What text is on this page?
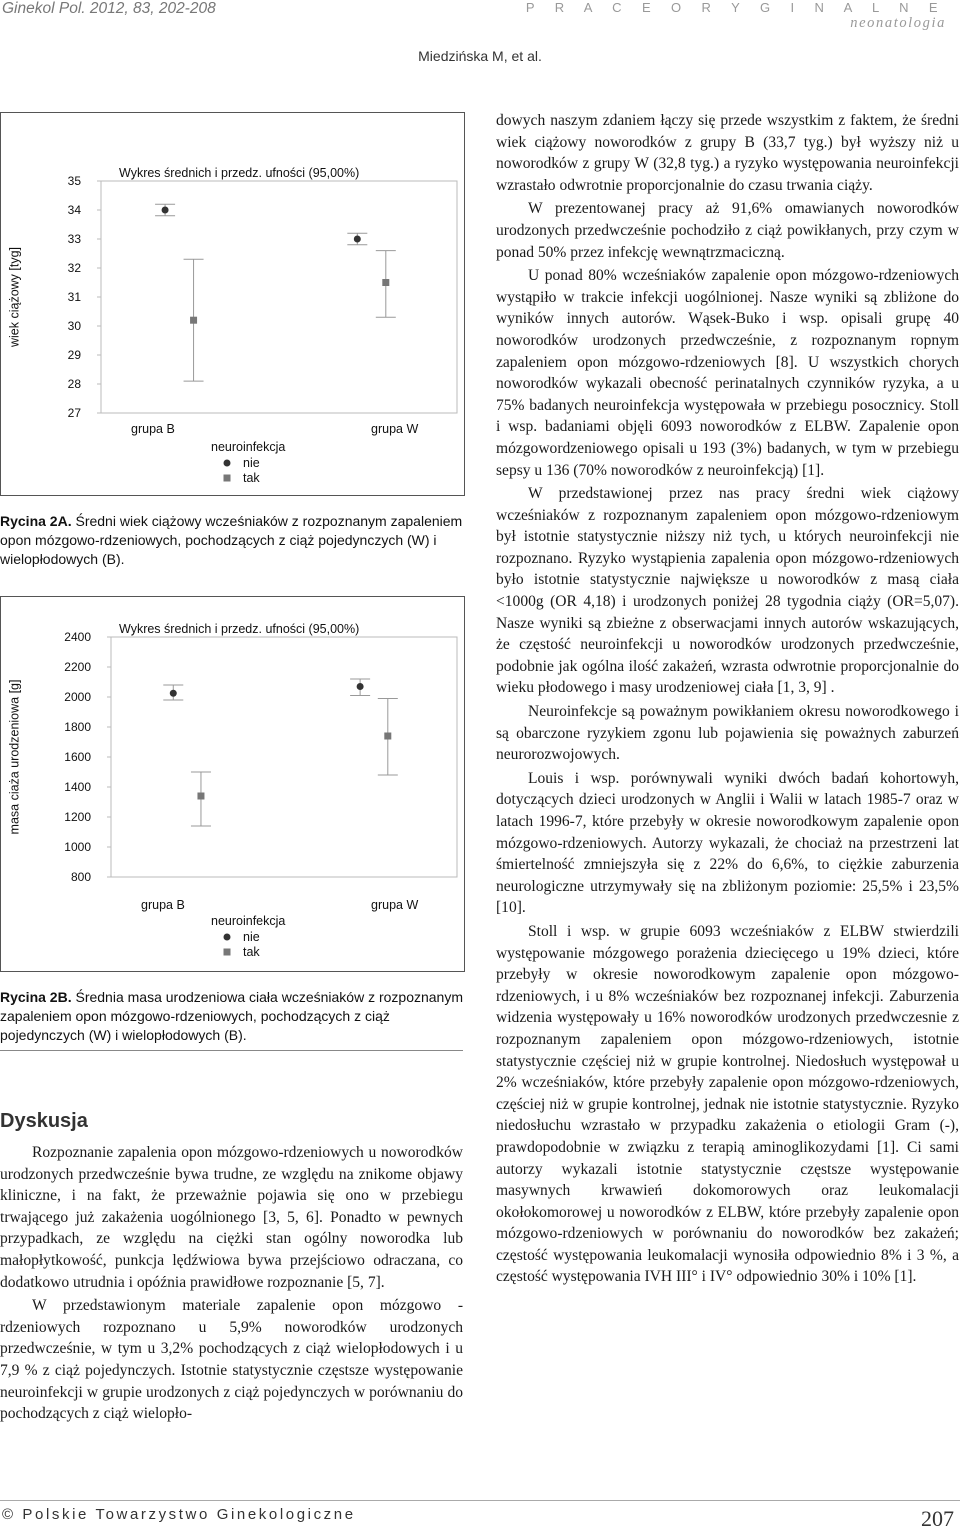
Ginekol Pol. 2012, 83, 202-208	P R A C E O R Y G I N A L N E
neonatologia
Miedzińska M, et al.
Wykres średnich i przedz. ufności (95,00%)
wiek ciążowy [tyg]
35
34
33
32
31
30
29
28
27
grupa B	grupa W
neuroinfekcja
nie
tak
Rycina 2A. Średni wiek ciążowy wcześniaków z rozpoznanym zapaleniem opon mózgowo-rdzeniowych, pochodzących z ciąż pojedynczych (W) i wielopłodowych (B).
Wykres średnich i przedz. ufności (95,00%)
masa ciaża urodzeniowa [g]
2400
2200
2000
1800
1600
1400
1200
1000
800
grupa B	grupa W
neuroinfekcja
nie
tak
Rycina 2B. Średnia masa urodzeniowa ciała wcześniaków z rozpoznanym zapaleniem opon mózgowo-rdzeniowych, pochodzących z ciąż pojedynczych (W) i wielopłodowych (B).
Dyskusja

Rozpoznanie zapalenia opon mózgowo-rdzeniowych u noworodków urodzonych przedwcześnie bywa trudne, ze względu na znikome objawy kliniczne, i na fakt, że przeważnie pojawia się ono w przebiegu trwającego już zakażenia uogólnionego [3, 5, 6]. Ponadto w pewnych przypadkach, ze względu na ciężki stan ogólny noworodka lub małopłytkowość, punkcja lędźwiowa bywa przejściowo odraczana, co dodatkowo utrudnia i opóźnia prawidłowe rozpoznanie [5, 7].

W przedstawionym materiale zapalenie opon mózgowo -rdzeniowych rozpoznano u 5,9% noworodków urodzonych przedwcześnie, w tym u 3,2% pochodzących z ciąż wielopłodowych i u 7,9 % z ciąż pojedynczych. Istotnie statystycznie częstsze występowanie neuroinfekcji w grupie urodzonych z ciąż pojedynczych w porównaniu do pochodzących z ciąż wielopło-

dowych naszym zdaniem łączy się przede wszystkim z faktem, że średni wiek ciążowy noworodków z grupy B (33,7 tyg.) był wyższy niż u noworodków z grupy W (32,8 tyg.) a ryzyko występowania neuroinfekcji wzrastało odwrotnie proporcjonalnie do czasu trwania ciąży.

W prezentowanej pracy aż 91,6% omawianych noworodków urodzonych przedwcześnie pochodziło z ciąż powikłanych, przy czym w ponad 50% przez infekcję wewnątrzmaciczną.

U ponad 80% wcześniaków zapalenie opon mózgowo-rdzeniowych wystąpiło w trakcie infekcji uogólnionej. Nasze wyniki są zbliżone do wyników innych autorów. Wąsek-Buko i wsp. opisali grupę 40 noworodków urodzonych przedwcześnie, z rozpoznanym ropnym zapaleniem opon mózgowo-rdzeniowych [8]. U wszystkich chorych noworodków wykazali obecność perinatalnych czynników ryzyka, a u 75% badanych neuroinfekcja występowała w przebiegu posocznicy. Stoll i wsp. badaniami objęli 6093 noworodków z ELBW. Zapalenie opon mózgowordzeniowego opisali u 193 (3%) badanych, w tym w przebiegu sepsy u 136 (70% noworodków z neuroinfekcją) [1].

W przedstawionej przez nas pracy średni wiek ciążowy wcześniaków z rozpoznanym zapaleniem opon mózgowo-rdzeniowym był istotnie statystycznie niższy niż tych, u których neuroinfekcji nie rozpoznano. Ryzyko wystąpienia zapalenia opon mózgowo-rdzeniowych było istotnie statystycznie największe u noworodków z masą ciała <1000g (OR 4,18) i urodzonych poniżej 28 tygodnia ciąży (OR=5,07). Nasze wyniki są zbieżne z obserwacjami innych autorów wskazujących, że częstość neuroinfekcji u noworodków urodzonych przedwcześnie, podobnie jak ogólna ilość zakażeń, wzrasta odwrotnie proporcjonalnie do wieku płodowego i masy urodzeniowej ciała [1, 3, 9] .

Neuroinfekcje są poważnym powikłaniem okresu noworodkowego i są obarczone ryzykiem zgonu lub pojawienia się poważnych zaburzeń neurorozwojowych.

Louis i wsp. porównywali wyniki dwóch badań kohortowyh, dotyczących dzieci urodzonych w Anglii i Walii w latach 1985-7 oraz w latach 1996-7, które przebyły w okresie noworodkowym zapalenie opon mózgowo-rdzeniowych. Autorzy wykazali, że chociaż na przestrzeni lat śmiertelność zmniejszyła się z 22% do 6,6%, to ciężkie zaburzenia neurologiczne utrzymywały się na zbliżonym poziomie: 25,5% i 23,5% [10].

Stoll i wsp. w grupie 6093 wcześniaków z ELBW stwierdzili występowanie mózgowego porażenia dziecięcego u 19% dzieci, które przebyły w okresie noworodkowym zapalenie opon mózgowo-rdzeniowych, i u 8% wcześniaków bez rozpoznanej infekcji. Zaburzenia widzenia występowały u 16% noworodków urodzonych przedwczesnie z rozpoznanym zapaleniem opon mózgowo-rdzeniowych, istotnie statystycznie częściej niż w grupie kontrolnej. Niedosłuch występował u 2% wcześniaków, które przebyły zapalenie opon mózgowo-rdzeniowych, częściej niż w grupie kontrolnej, jednak nie istotnie statystycznie. Ryzyko niedosłuchu wzrastało w przypadku zakażenia o etiologii Gram (-), prawdopodobnie w związku z terapią aminoglikozydami [1]. Ci sami autorzy wykazali istotnie statystycznie częstsze występowanie masywnych krwawień dokomorowych oraz leukomalacji okołokomorowej u noworodków z ELBW, które przebyły zapalenie opon mózgowo-rdzeniowych w porównaniu do noworodków bez zakażeń; częstość występowania leukomalacji wynosiła odpowiednio 8% i 3 %, a częstość występowania IVH III° i IV° odpowiednio 30% i 10% [1].

© Polskie Towarzystwo Ginekologiczne	207
